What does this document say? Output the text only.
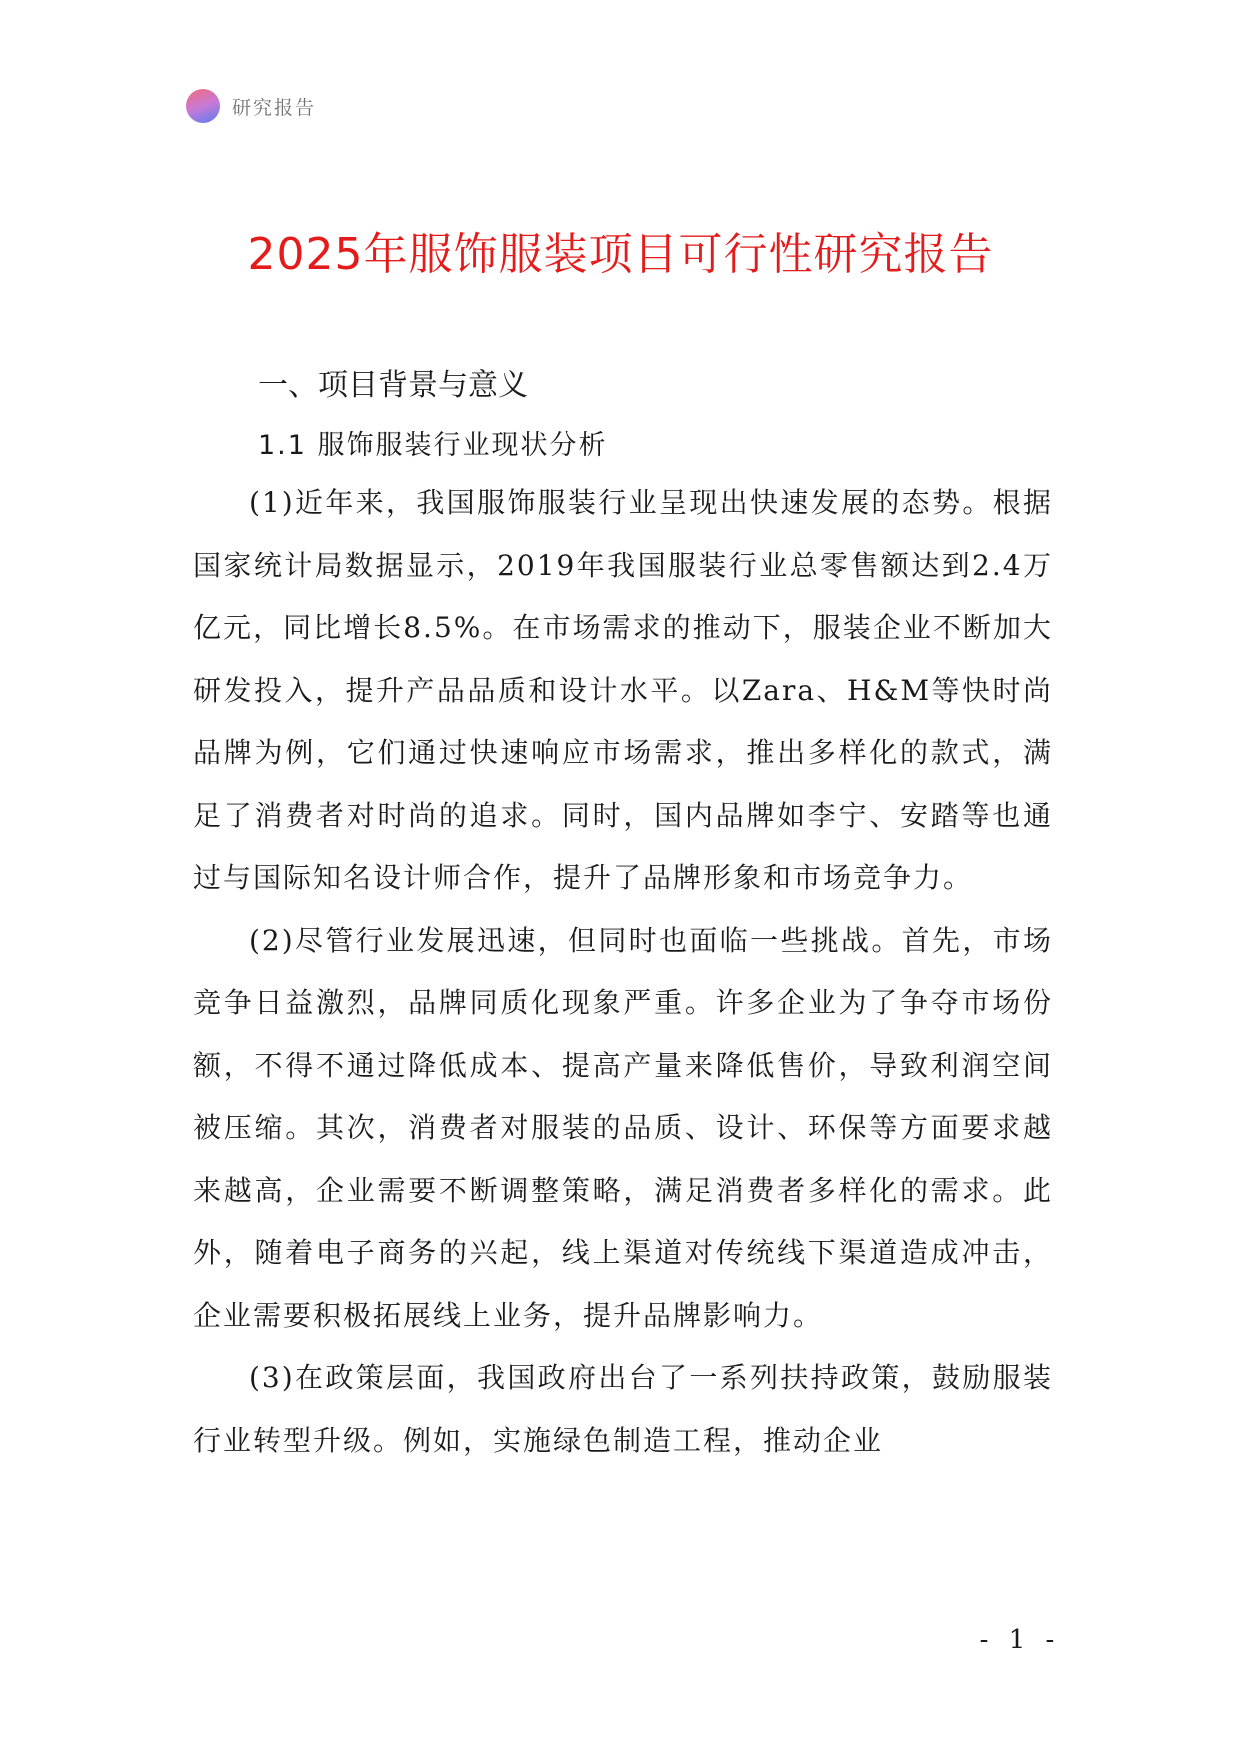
研究报告
2025年服饰服装项目可行性研究报告
一、项目背景与意义
1.1 服饰服装行业现状分析

(1)近年来，我国服饰服装行业呈现出快速发展的态势。根据国家统计局数据显示，2019年我国服装行业总零售额达到2.4万亿元，同比增长8.5%。在市场需求的推动下，服装企业不断加大研发投入，提升产品品质和设计水平。以Zara、H&M等快时尚品牌为例，它们通过快速响应市场需求，推出多样化的款式，满足了消费者对时尚的追求。同时，国内品牌如李宁、安踏等也通过与国际知名设计师合作，提升了品牌形象和市场竞争力。

(2)尽管行业发展迅速，但同时也面临一些挑战。首先，市场竞争日益激烈，品牌同质化现象严重。许多企业为了争夺市场份额，不得不通过降低成本、提高产量来降低售价，导致利润空间被压缩。其次，消费者对服装的品质、设计、环保等方面要求越来越高，企业需要不断调整策略，满足消费者多样化的需求。此外，随着电子商务的兴起，线上渠道对传统线下渠道造成冲击，企业需要积极拓展线上业务，提升品牌影响力。

(3)在政策层面，我国政府出台了一系列扶持政策，鼓励服装行业转型升级。例如，实施绿色制造工程，推动企业

- 1 -
